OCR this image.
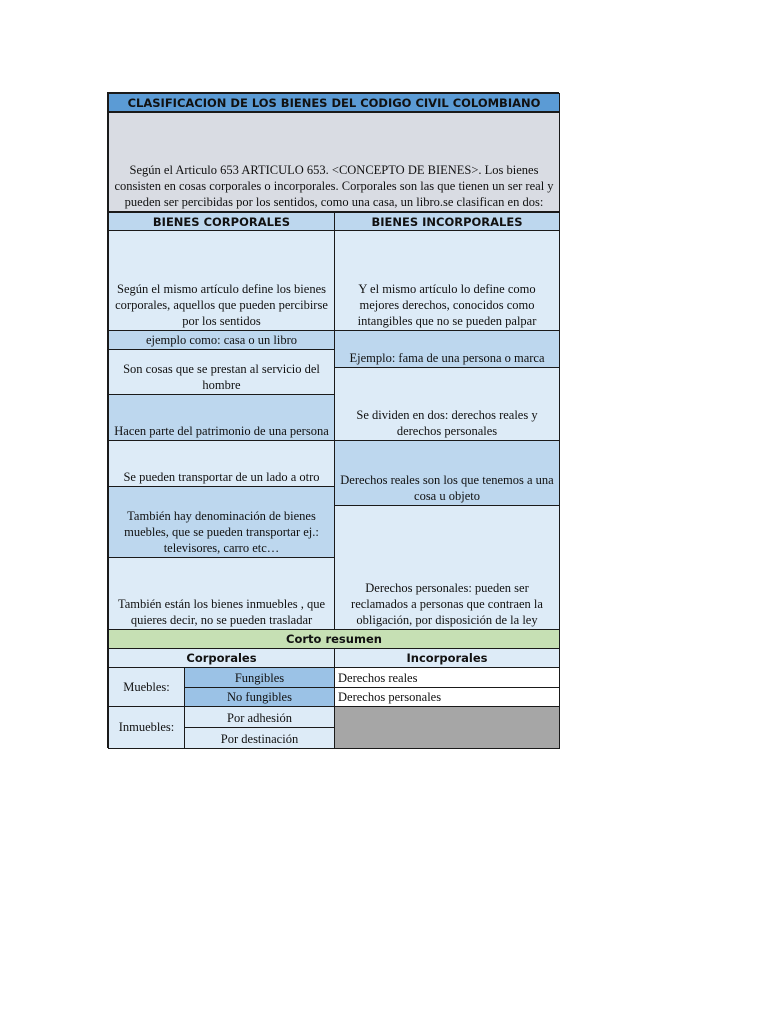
CLASIFICACION DE LOS BIENES DEL CODIGO CIVIL COLOMBIANO
Según el Articulo 653 ARTICULO 653. <CONCEPTO DE BIENES>. Los bienes consisten en cosas corporales o incorporales. Corporales son las que tienen un ser real y pueden ser percibidas por los sentidos, como una casa, un libro.se clasifican en dos:
BIENES CORPORALES	BIENES INCORPORALES
Según el mismo artículo define los bienes corporales, aquellos que pueden percibirse por los sentidos
ejemplo como: casa o un libro
Son cosas que se prestan al servicio del hombre
Hacen parte del patrimonio de una persona
Se pueden transportar de un lado a otro
También hay denominación de bienes muebles, que se pueden transportar ej.: televisores, carro etc…
También están los bienes inmuebles , que quieres decir, no se pueden trasladar
Y el mismo artículo lo define como mejores derechos, conocidos como intangibles que no se pueden palpar
Ejemplo: fama de una persona o marca
Se dividen en dos: derechos reales y derechos personales
Derechos reales son los que tenemos a una cosa u objeto
Derechos personales: pueden ser reclamados a personas que contraen la obligación, por disposición de la ley
Corto resumen
Corporales	Incorporales
Muebles:
Fungibles
No fungibles
Derechos reales
Derechos personales
Inmuebles:
Por adhesión
Por destinación
